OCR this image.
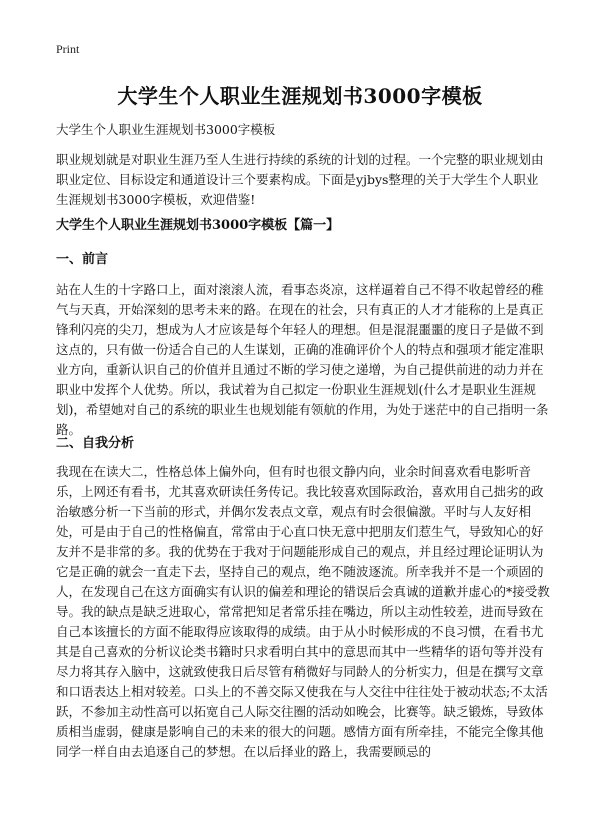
Print
大学生个人职业生涯规划书3000字模板

大学生个人职业生涯规划书3000字模板

职业规划就是对职业生涯乃至人生进行持续的系统的计划的过程。一个完整的职业规划由职业定位、目标设定和通道设计三个要素构成。下面是yjbys整理的关于大学生个人职业生涯规划书3000字模板，欢迎借鉴!

大学生个人职业生涯规划书3000字模板【篇一】
一、前言

站在人生的十字路口上，面对滚滚人流，看事态炎凉，这样逼着自己不得不收起曾经的稚气与天真，开始深刻的思考未来的路。在现在的社会，只有真正的人才才能称的上是真正锋利闪亮的尖刀，想成为人才应该是每个年轻人的理想。但是混混噩噩的度日子是做不到这点的，只有做一份适合自己的人生谋划，正确的准确评价个人的特点和强项才能定准职业方向，重新认识自己的价值并且通过不断的学习使之递增，为自己提供前进的动力并在职业中发挥个人优势。所以，我试着为自己拟定一份职业生涯规划(什么才是职业生涯规划)，希望她对自己的系统的职业生也规划能有领航的作用，为处于迷茫中的自己指明一条路。

二、自我分析

我现在在读大二，性格总体上偏外向，但有时也很文静内向，业余时间喜欢看电影听音乐，上网还有看书，尤其喜欢研读任务传记。我比较喜欢国际政治，喜欢用自己拙劣的政治敏感分析一下当前的形式，并偶尔发表点文章，观点有时会很偏激。平时与人友好相处，可是由于自己的性格偏直，常常由于心直口快无意中把朋友们惹生气，导致知心的好友并不是非常的多。我的优势在于我对于问题能形成自己的观点，并且经过理论证明认为它是正确的就会一直走下去，坚持自己的观点，绝不随波逐流。所幸我并不是一个顽固的人，在发现自己在这方面确实有认识的偏差和理论的错误后会真诚的道歉并虚心的*接受教导。我的缺点是缺乏进取心，常常把知足者常乐挂在嘴边，所以主动性较差，进而导致在自己本该擅长的方面不能取得应该取得的成绩。由于从小时候形成的不良习惯，在看书尤其是自己喜欢的分析议论类书籍时只求看明白其中的意思而其中一些精华的语句等并没有尽力将其存入脑中，这就致使我日后尽管有稍微好与同龄人的分析实力，但是在撰写文章和口语表达上相对较差。口头上的不善交际又使我在与人交往中往往处于被动状态;不太活跃，不参加主动性高可以拓宽自己人际交往圈的活动如晚会，比赛等。缺乏锻炼，导致体质相当虚弱，健康是影响自己的未来的很大的问题。感情方面有所牵挂，不能完全像其他同学一样自由去追逐自己的梦想。在以后择业的路上，我需要顾忌的
